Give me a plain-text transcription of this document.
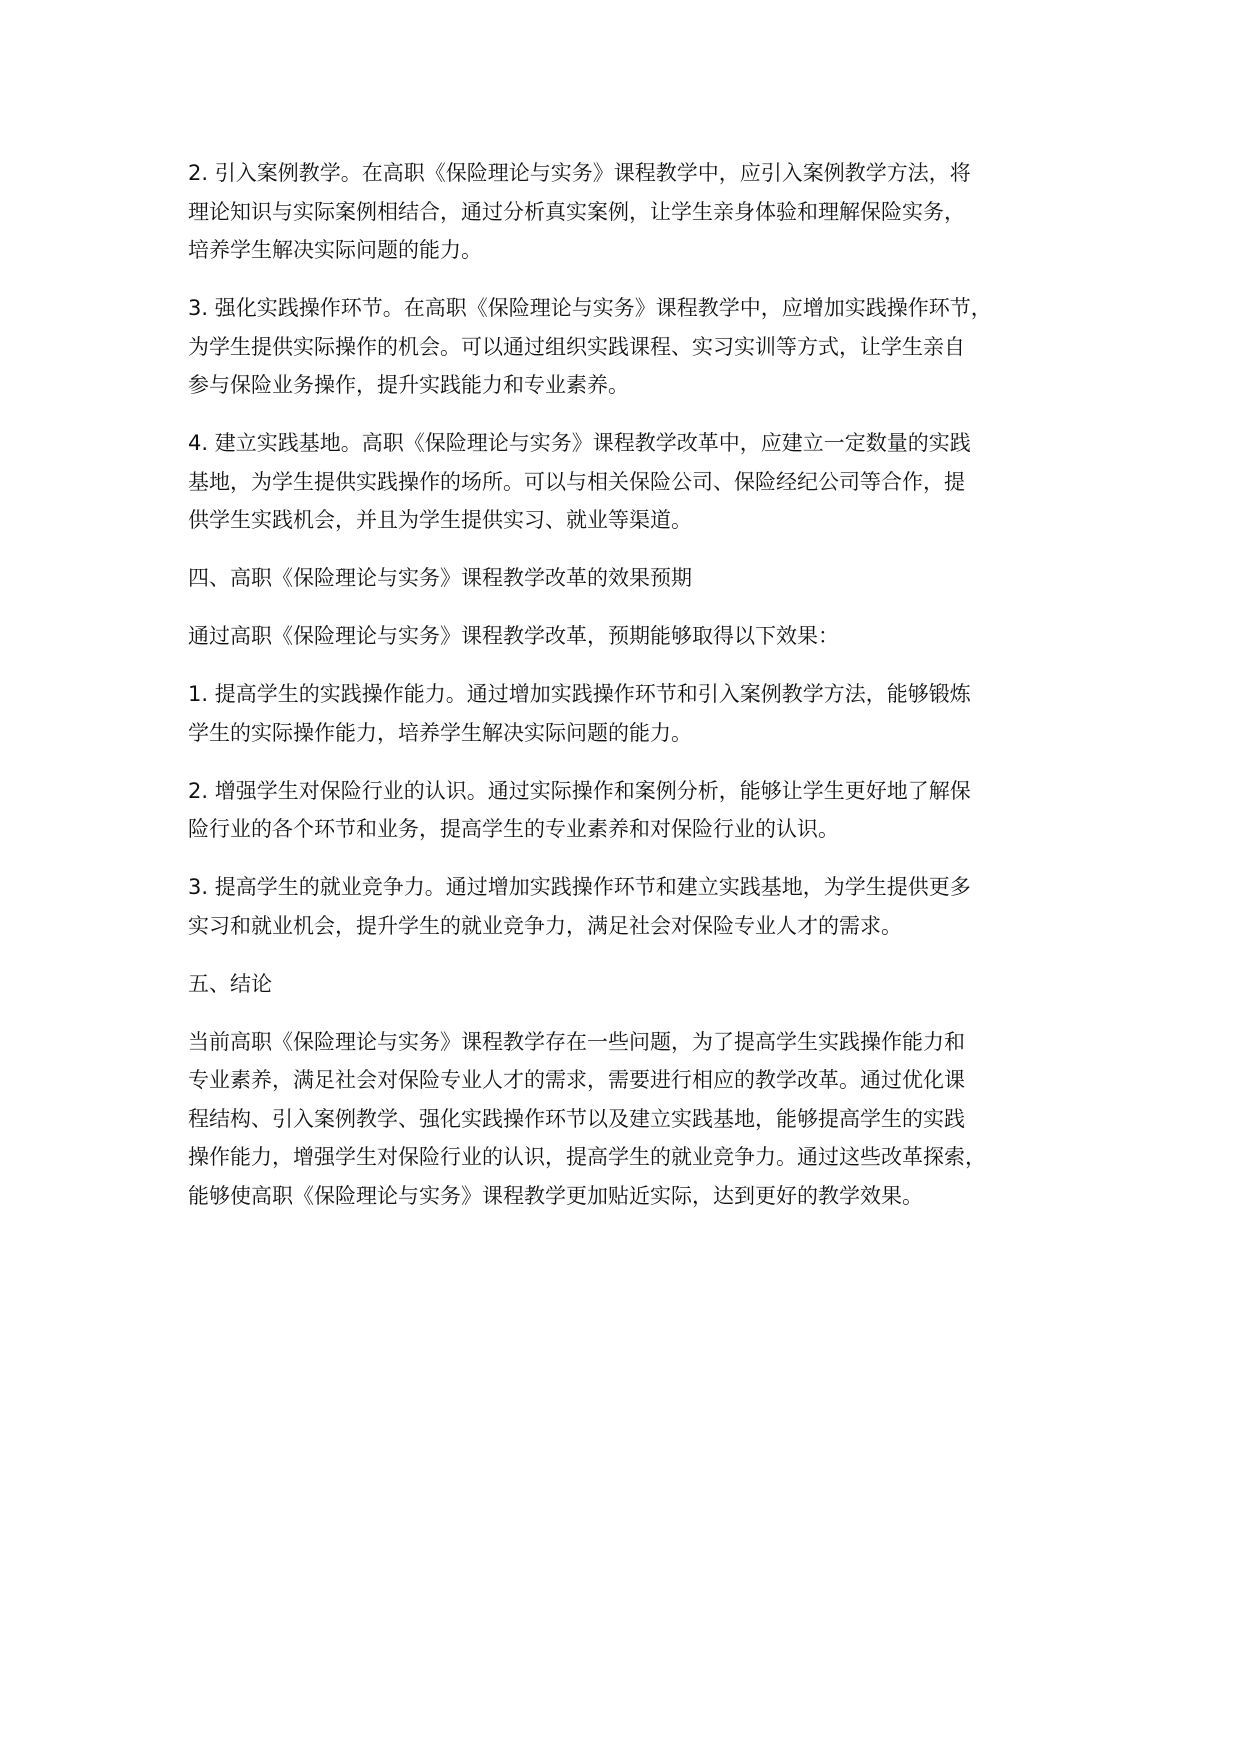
2. 引入案例教学。在高职《保险理论与实务》课程教学中，应引入案例教学方法，将
理论知识与实际案例相结合，通过分析真实案例，让学生亲身体验和理解保险实务，
培养学生解决实际问题的能力。

3. 强化实践操作环节。在高职《保险理论与实务》课程教学中，应增加实践操作环节，
为学生提供实际操作的机会。可以通过组织实践课程、实习实训等方式，让学生亲自
参与保险业务操作，提升实践能力和专业素养。

4. 建立实践基地。高职《保险理论与实务》课程教学改革中，应建立一定数量的实践
基地，为学生提供实践操作的场所。可以与相关保险公司、保险经纪公司等合作，提
供学生实践机会，并且为学生提供实习、就业等渠道。

四、高职《保险理论与实务》课程教学改革的效果预期

通过高职《保险理论与实务》课程教学改革，预期能够取得以下效果：

1. 提高学生的实践操作能力。通过增加实践操作环节和引入案例教学方法，能够锻炼
学生的实际操作能力，培养学生解决实际问题的能力。

2. 增强学生对保险行业的认识。通过实际操作和案例分析，能够让学生更好地了解保
险行业的各个环节和业务，提高学生的专业素养和对保险行业的认识。

3. 提高学生的就业竞争力。通过增加实践操作环节和建立实践基地，为学生提供更多
实习和就业机会，提升学生的就业竞争力，满足社会对保险专业人才的需求。

五、结论

当前高职《保险理论与实务》课程教学存在一些问题，为了提高学生实践操作能力和
专业素养，满足社会对保险专业人才的需求，需要进行相应的教学改革。通过优化课
程结构、引入案例教学、强化实践操作环节以及建立实践基地，能够提高学生的实践
操作能力，增强学生对保险行业的认识，提高学生的就业竞争力。通过这些改革探索，
能够使高职《保险理论与实务》课程教学更加贴近实际，达到更好的教学效果。
